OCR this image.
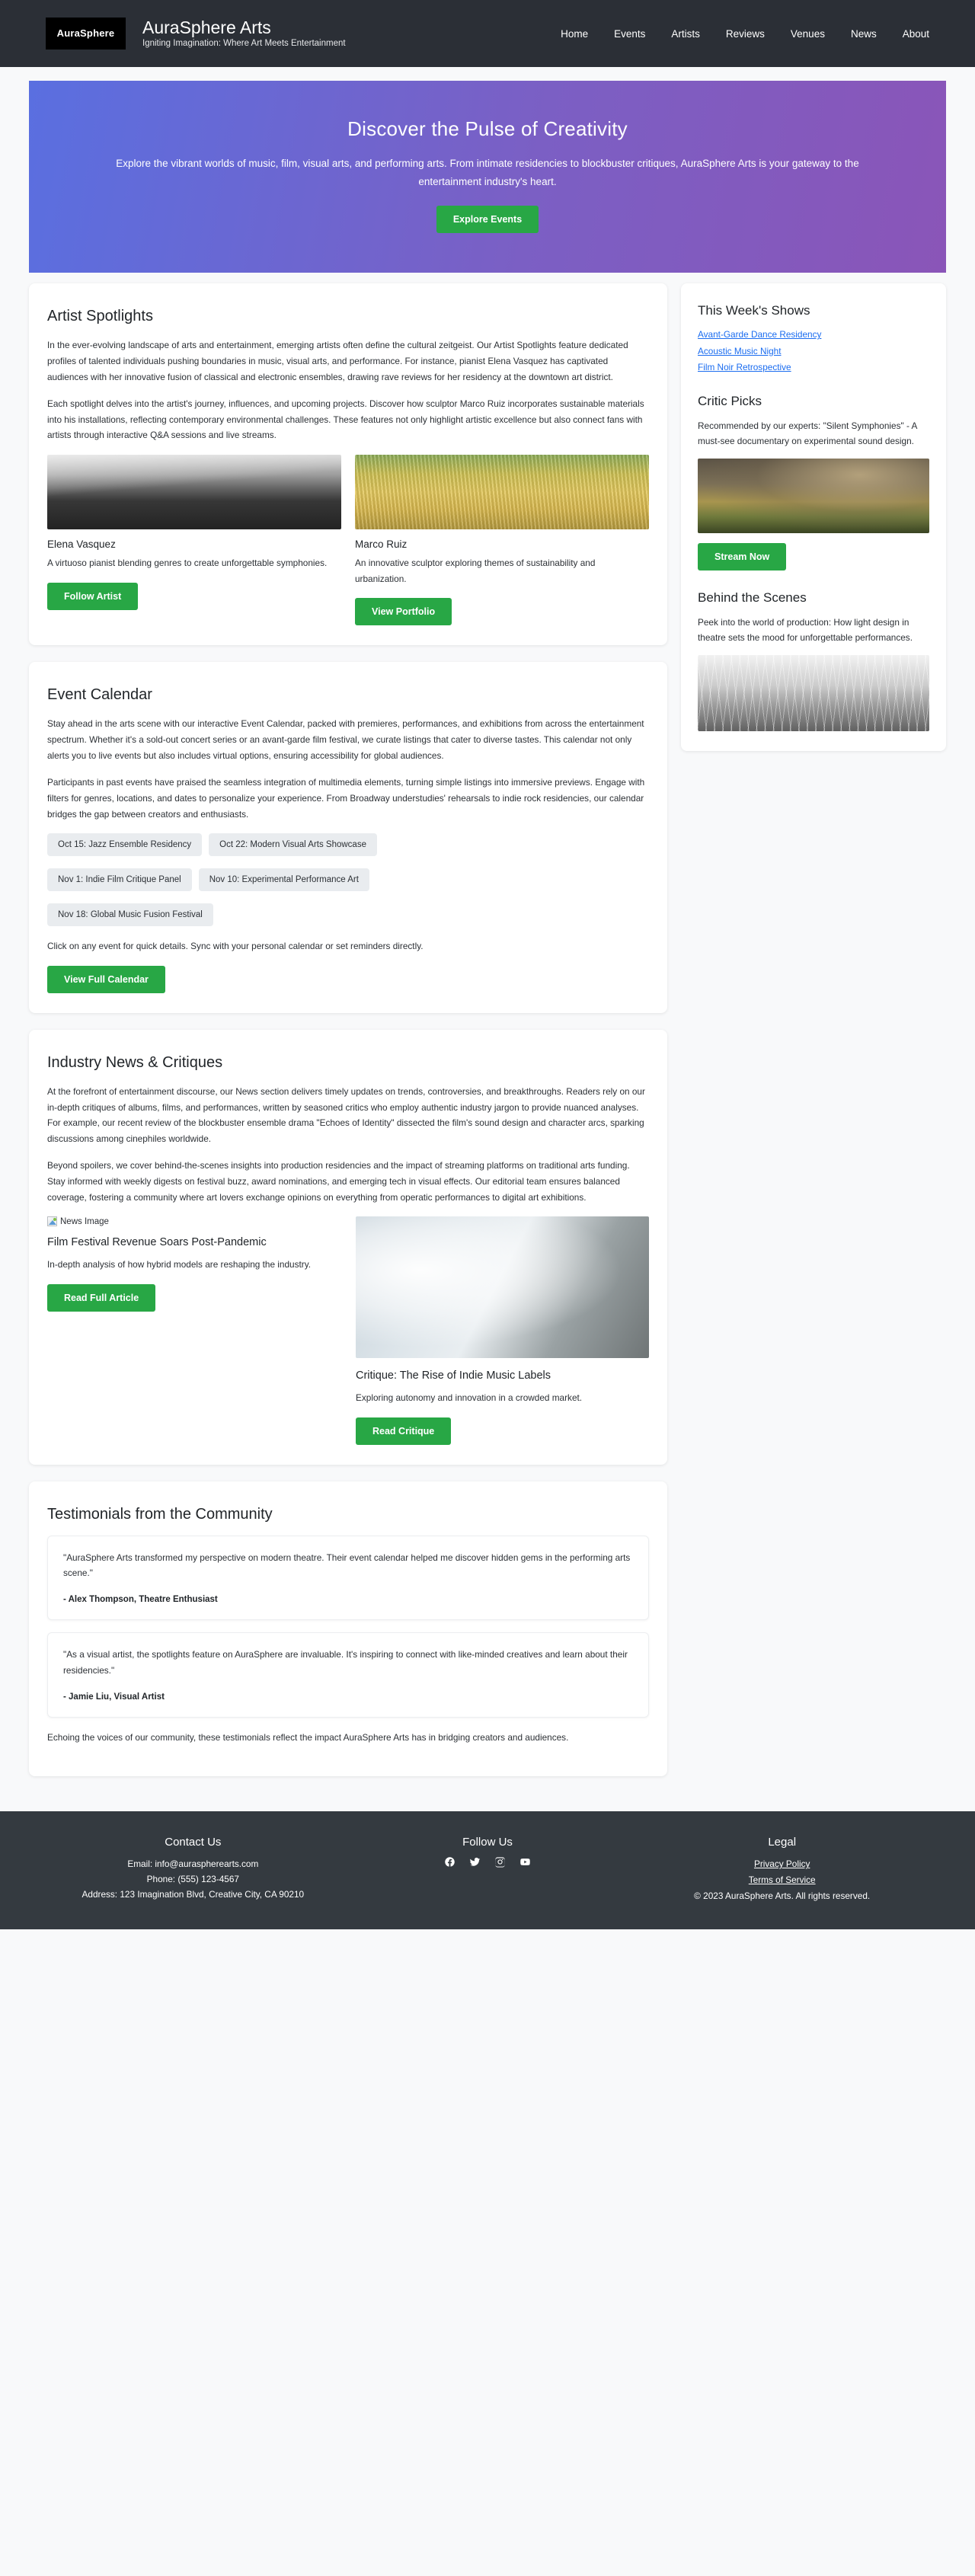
AuraSphere	AuraSphere Arts

Igniting Imagination: Where Art Meets Entertainment

Home	Events	Artists	Reviews	Venues	News	About
Discover the Pulse of Creativity

Explore the vibrant worlds of music, film, visual arts, and performing arts. From intimate residencies to blockbuster critiques, AuraSphere Arts is your gateway to the entertainment industry's heart.

Explore Events
Artist Spotlights

In the ever-evolving landscape of arts and entertainment, emerging artists often define the cultural zeitgeist. Our Artist Spotlights feature dedicated profiles of talented individuals pushing boundaries in music, visual arts, and performance. For instance, pianist Elena Vasquez has captivated audiences with her innovative fusion of classical and electronic ensembles, drawing rave reviews for her residency at the downtown art district.

Each spotlight delves into the artist's journey, influences, and upcoming projects. Discover how sculptor Marco Ruiz incorporates sustainable materials into his installations, reflecting contemporary environmental challenges. These features not only highlight artistic excellence but also connect fans with artists through interactive Q&A sessions and live streams.

Elena Vasquez

A virtuoso pianist blending genres to create unforgettable symphonies.

Follow Artist
Marco Ruiz

An innovative sculptor exploring themes of sustainability and urbanization.

View Portfolio
Event Calendar

Stay ahead in the arts scene with our interactive Event Calendar, packed with premieres, performances, and exhibitions from across the entertainment spectrum. Whether it's a sold-out concert series or an avant-garde film festival, we curate listings that cater to diverse tastes. This calendar not only alerts you to live events but also includes virtual options, ensuring accessibility for global audiences.

Participants in past events have praised the seamless integration of multimedia elements, turning simple listings into immersive previews. Engage with filters for genres, locations, and dates to personalize your experience. From Broadway understudies' rehearsals to indie rock residencies, our calendar bridges the gap between creators and enthusiasts.

Oct 15: Jazz Ensemble Residency	Oct 22: Modern Visual Arts Showcase
Nov 1: Indie Film Critique Panel	Nov 10: Experimental Performance Art
Nov 18: Global Music Fusion Festival

Click on any event for quick details. Sync with your personal calendar or set reminders directly.

View Full Calendar
Industry News & Critiques

At the forefront of entertainment discourse, our News section delivers timely updates on trends, controversies, and breakthroughs. Readers rely on our in-depth critiques of albums, films, and performances, written by seasoned critics who employ authentic industry jargon to provide nuanced analyses. For example, our recent review of the blockbuster ensemble drama "Echoes of Identity" dissected the film's sound design and character arcs, sparking discussions among cinephiles worldwide.

Beyond spoilers, we cover behind-the-scenes insights into production residencies and the impact of streaming platforms on traditional arts funding. Stay informed with weekly digests on festival buzz, award nominations, and emerging tech in visual effects. Our editorial team ensures balanced coverage, fostering a community where art lovers exchange opinions on everything from operatic performances to digital art exhibitions.

News Image
Film Festival Revenue Soars Post-Pandemic

In-depth analysis of how hybrid models are reshaping the industry.

Read Full Article
Critique: The Rise of Indie Music Labels

Exploring autonomy and innovation in a crowded market.

Read Critique
Testimonials from the Community

"AuraSphere Arts transformed my perspective on modern theatre. Their event calendar helped me discover hidden gems in the performing arts scene."

- Alex Thompson, Theatre Enthusiast

"As a visual artist, the spotlights feature on AuraSphere are invaluable. It's inspiring to connect with like-minded creatives and learn about their residencies."

- Jamie Liu, Visual Artist

Echoing the voices of our community, these testimonials reflect the impact AuraSphere Arts has in bridging creators and audiences.

This Week's Shows
Avant-Garde Dance Residency
Acoustic Music Night
Film Noir Retrospective
Critic Picks

Recommended by our experts: "Silent Symphonies" - A must-see documentary on experimental sound design.

Stream Now
Behind the Scenes

Peek into the world of production: How light design in theatre sets the mood for unforgettable performances.

Contact Us

Email: info@auraspherearts.com

Phone: (555) 123-4567

Address: 123 Imagination Blvd, Creative City, CA 90210

Follow Us	Legal
Privacy Policy
Terms of Service

© 2023 AuraSphere Arts. All rights reserved.
